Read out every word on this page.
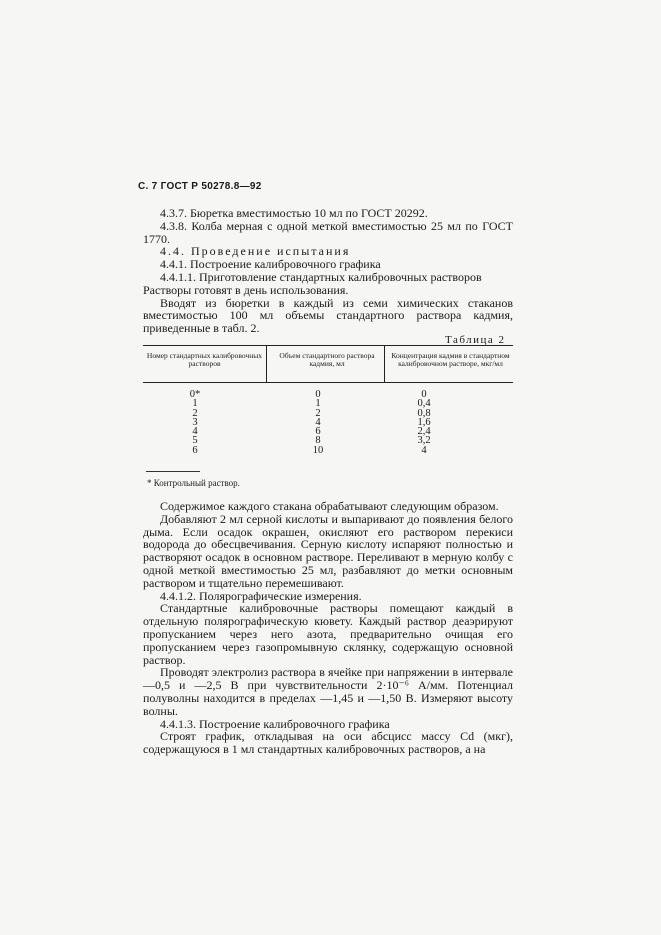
С. 7 ГОСТ Р 50278.8—92

4.3.7. Бюретка вместимостью 10 мл по ГОСТ 20292.

4.3.8. Колба мерная с одной меткой вместимостью 25 мл по ГОСТ 1770.

4.4. Проведение испытания

4.4.1. Построение калибровочного графика

4.4.1.1. Приготовление стандартных калибровочных растворов

Растворы готовят в день использования.

Вводят из бюретки в каждый из семи химических стаканов вместимостью 100 мл объемы стандартного раствора кадмия, приведенные в табл. 2.

Таблица 2
Номер стандартных калибровочных растворов
Объем стандартного раствора кадмия, мл
Концентрация кадмия в стандартном калибровочном растворе, мкг/мл
0*
1
2
3
4
5
6
0
1
2
4
6
8
10
0
0,4
0,8
1,6
2,4
3,2
4
* Контрольный раствор.

Содержимое каждого стакана обрабатывают следующим образом.

Добавляют 2 мл серной кислоты и выпаривают до появления белого дыма. Если осадок окрашен, окисляют его раствором перекиси водорода до обесцвечивания. Серную кислоту испаряют полностью и растворяют осадок в основном растворе. Переливают в мерную колбу с одной меткой вместимостью 25 мл, разбавляют до метки основным раствором и тщательно перемешивают.

4.4.1.2. Полярографические измерения.

Стандартные калибровочные растворы помещают каждый в отдельную полярографическую кювету. Каждый раствор деаэрируют пропусканием через него азота, предварительно очищая его пропусканием через газопромывную склянку, содержащую основной раствор.

Проводят электролиз раствора в ячейке при напряжении в интервале —0,5 и —2,5 В при чувствительности 2·10⁻⁶ А/мм. Потенциал полуволны находится в пределах —1,45 и —1,50 В. Измеряют высоту волны.

4.4.1.3. Построение калибровочного графика

Строят график, откладывая на оси абсцисс массу Cd (мкг), содержащуюся в 1 мл стандартных калибровочных растворов, а на
